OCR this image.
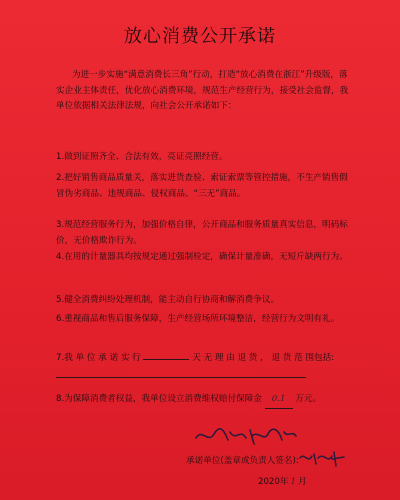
放心消费公开承诺
为进一步实施“满意消费长三角”行动，打造“放心消费在浙江”升级版，落实企业主体责任，优化放心消费环境，规范生产经营行为，接受社会监督，我单位依据相关法律法规，向社会公开承诺如下：
1.做到证照齐全、合法有效，亮证亮照经营。
2.把好销售商品质量关，落实进货查验、索证索票等管控措施，不生产销售假冒伪劣商品、违规商品、侵权商品、“三无”商品。
3.规范经营服务行为，加强价格自律，公开商品和服务质量真实信息，明码标价，无价格欺诈行为。
4.在用的计量器具均按规定通过强制检定，确保计量准确，无短斤缺两行为。
5.健全消费纠纷处理机制，能主动自行协商和解消费争议。
6.重视商品和售后服务保障，生产经营场所环境整洁，经营行为文明有礼。
7.我 单 位 承 诺 实 行	天 无 理 由 退 货 ， 退 货 范 围包括:
8.为保障消费者权益，我单位设立消费维权赔付保障金 0.1 万元。
承诺单位(盖章或负责人签名):
2020年 1 月
